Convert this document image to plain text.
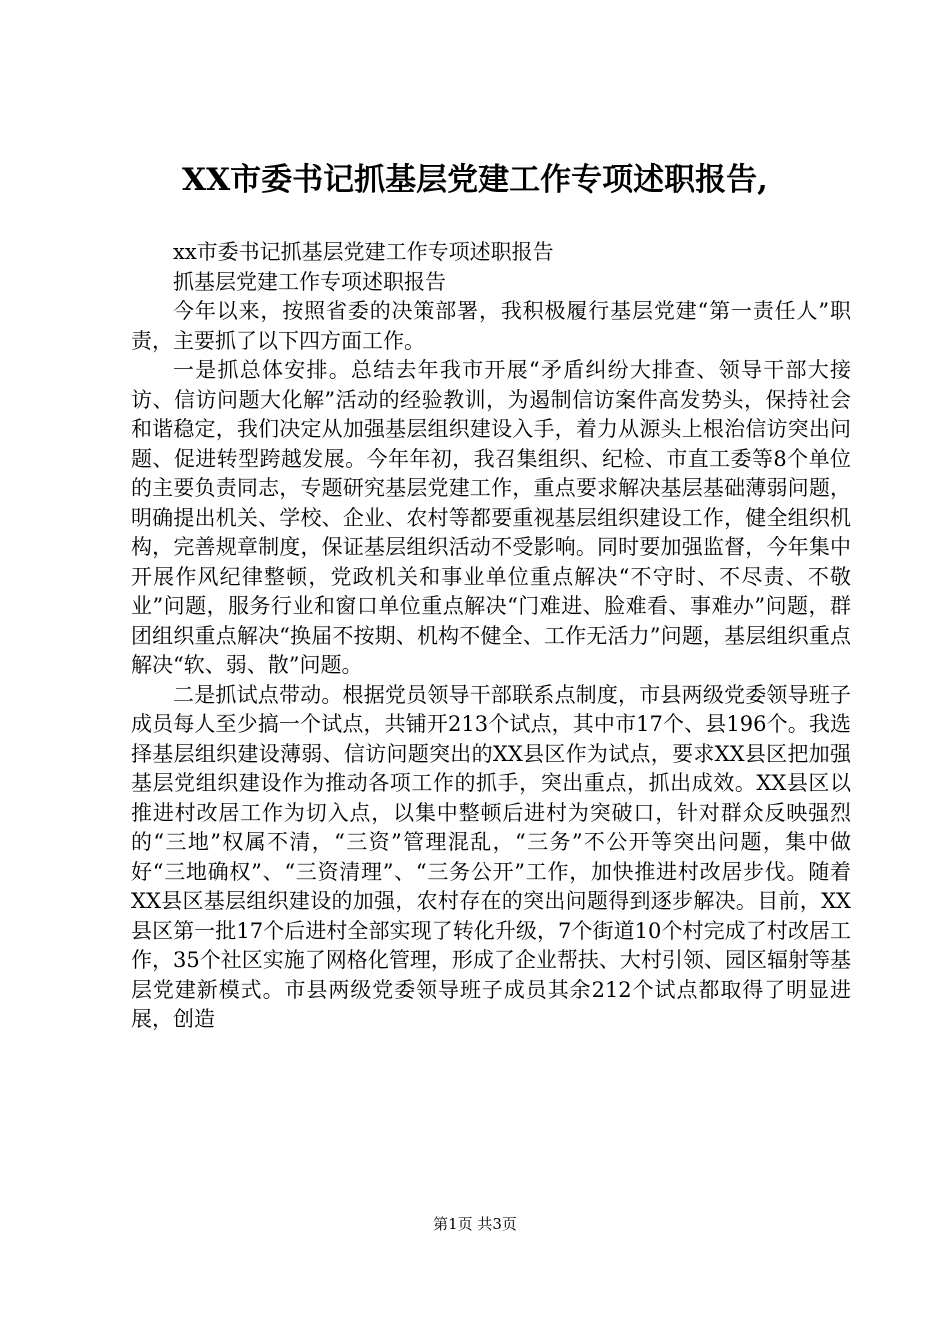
XX市委书记抓基层党建工作专项述职报告,

xx市委书记抓基层党建工作专项述职报告

抓基层党建工作专项述职报告

今年以来，按照省委的决策部署，我积极履行基层党建“第一责任人”职责，主要抓了以下四方面工作。

一是抓总体安排。总结去年我市开展“矛盾纠纷大排查、领导干部大接访、信访问题大化解”活动的经验教训，为遏制信访案件高发势头，保持社会和谐稳定，我们决定从加强基层组织建设入手，着力从源头上根治信访突出问题、促进转型跨越发展。今年年初，我召集组织、纪检、市直工委等8个单位的主要负责同志，专题研究基层党建工作，重点要求解决基层基础薄弱问题，明确提出机关、学校、企业、农村等都要重视基层组织建设工作，健全组织机构，完善规章制度，保证基层组织活动不受影响。同时要加强监督，今年集中开展作风纪律整顿，党政机关和事业单位重点解决“不守时、不尽责、不敬业”问题，服务行业和窗口单位重点解决“门难进、脸难看、事难办”问题，群团组织重点解决“换届不按期、机构不健全、工作无活力”问题，基层组织重点解决“软、弱、散”问题。

二是抓试点带动。根据党员领导干部联系点制度，市县两级党委领导班子成员每人至少搞一个试点，共铺开213个试点，其中市17个、县196个。我选择基层组织建设薄弱、信访问题突出的XX县区作为试点，要求XX县区把加强基层党组织建设作为推动各项工作的抓手，突出重点，抓出成效。XX县区以推进村改居工作为切入点，以集中整顿后进村为突破口，针对群众反映强烈的“三地”权属不清，“三资”管理混乱，“三务”不公开等突出问题，集中做好“三地确权”、“三资清理”、“三务公开”工作，加快推进村改居步伐。随着XX县区基层组织建设的加强，农村存在的突出问题得到逐步解决。目前，XX县区第一批17个后进村全部实现了转化升级，7个街道10个村完成了村改居工作，35个社区实施了网格化管理，形成了企业帮扶、大村引领、园区辐射等基层党建新模式。市县两级党委领导班子成员其余212个试点都取得了明显进展，创造

第1页 共3页
